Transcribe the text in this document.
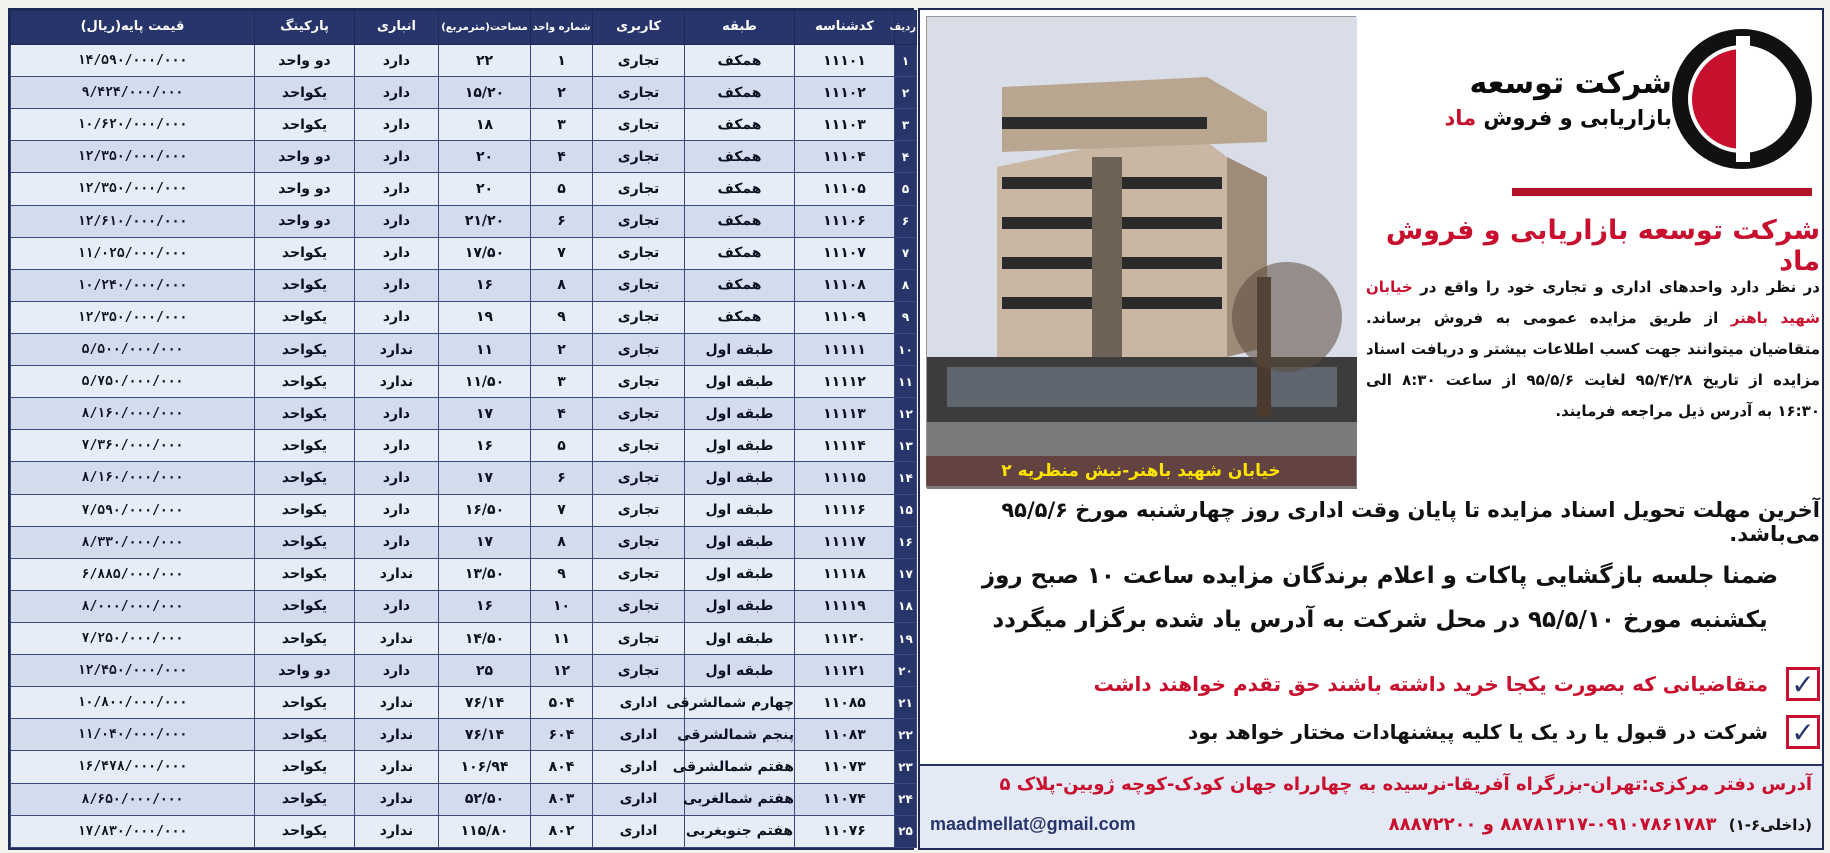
ردیف	کدشناسه	طبقه	کاربری	شماره واحد	مساحت(مترمربع)	انباری	پارکینگ	قیمت پایه(ریال)
۱	۱۱۱۰۱	همکف	تجاری	۱	۲۲	دارد	دو واحد	۱۴/۵۹۰/۰۰۰/۰۰۰
۲	۱۱۱۰۲	همکف	تجاری	۲	۱۵/۲۰	دارد	یکواحد	۹/۴۲۴/۰۰۰/۰۰۰
۳	۱۱۱۰۳	همکف	تجاری	۳	۱۸	دارد	یکواحد	۱۰/۶۲۰/۰۰۰/۰۰۰
۴	۱۱۱۰۴	همکف	تجاری	۴	۲۰	دارد	دو واحد	۱۲/۳۵۰/۰۰۰/۰۰۰
۵	۱۱۱۰۵	همکف	تجاری	۵	۲۰	دارد	دو واحد	۱۲/۳۵۰/۰۰۰/۰۰۰
۶	۱۱۱۰۶	همکف	تجاری	۶	۲۱/۲۰	دارد	دو واحد	۱۲/۶۱۰/۰۰۰/۰۰۰
۷	۱۱۱۰۷	همکف	تجاری	۷	۱۷/۵۰	دارد	یکواحد	۱۱/۰۲۵/۰۰۰/۰۰۰
۸	۱۱۱۰۸	همکف	تجاری	۸	۱۶	دارد	یکواحد	۱۰/۲۴۰/۰۰۰/۰۰۰
۹	۱۱۱۰۹	همکف	تجاری	۹	۱۹	دارد	یکواحد	۱۲/۳۵۰/۰۰۰/۰۰۰
۱۰	۱۱۱۱۱	طبقه اول	تجاری	۲	۱۱	ندارد	یکواحد	۵/۵۰۰/۰۰۰/۰۰۰
۱۱	۱۱۱۱۲	طبقه اول	تجاری	۳	۱۱/۵۰	ندارد	یکواحد	۵/۷۵۰/۰۰۰/۰۰۰
۱۲	۱۱۱۱۳	طبقه اول	تجاری	۴	۱۷	دارد	یکواحد	۸/۱۶۰/۰۰۰/۰۰۰
۱۳	۱۱۱۱۴	طبقه اول	تجاری	۵	۱۶	دارد	یکواحد	۷/۳۶۰/۰۰۰/۰۰۰
۱۴	۱۱۱۱۵	طبقه اول	تجاری	۶	۱۷	دارد	یکواحد	۸/۱۶۰/۰۰۰/۰۰۰
۱۵	۱۱۱۱۶	طبقه اول	تجاری	۷	۱۶/۵۰	دارد	یکواحد	۷/۵۹۰/۰۰۰/۰۰۰
۱۶	۱۱۱۱۷	طبقه اول	تجاری	۸	۱۷	دارد	یکواحد	۸/۳۳۰/۰۰۰/۰۰۰
۱۷	۱۱۱۱۸	طبقه اول	تجاری	۹	۱۳/۵۰	ندارد	یکواحد	۶/۸۸۵/۰۰۰/۰۰۰
۱۸	۱۱۱۱۹	طبقه اول	تجاری	۱۰	۱۶	دارد	یکواحد	۸/۰۰۰/۰۰۰/۰۰۰
۱۹	۱۱۱۲۰	طبقه اول	تجاری	۱۱	۱۴/۵۰	ندارد	یکواحد	۷/۲۵۰/۰۰۰/۰۰۰
۲۰	۱۱۱۲۱	طبقه اول	تجاری	۱۲	۲۵	دارد	دو واحد	۱۲/۴۵۰/۰۰۰/۰۰۰
۲۱	۱۱۰۸۵	چهارم شمالشرقی	اداری	۵۰۴	۷۶/۱۴	ندارد	یکواحد	۱۰/۸۰۰/۰۰۰/۰۰۰
۲۲	۱۱۰۸۳	پنجم شمالشرقی	اداری	۶۰۴	۷۶/۱۴	ندارد	یکواحد	۱۱/۰۴۰/۰۰۰/۰۰۰
۲۳	۱۱۰۷۳	هفتم شمالشرقی	اداری	۸۰۴	۱۰۶/۹۴	ندارد	یکواحد	۱۶/۴۷۸/۰۰۰/۰۰۰
۲۴	۱۱۰۷۴	هفتم شمالغربی	اداری	۸۰۳	۵۲/۵۰	ندارد	یکواحد	۸/۶۵۰/۰۰۰/۰۰۰
۲۵	۱۱۰۷۶	هفتم جنوبغربی	اداری	۸۰۲	۱۱۵/۸۰	ندارد	یکواحد	۱۷/۸۳۰/۰۰۰/۰۰۰
خیابان شهید باهنر-نبش منظریه ۲
شرکت توسعه
بازاریابی و فروش ماد
شرکت توسعه بازاریابی و فروش ماد
در نظر دارد واحدهای اداری و تجاری خود را واقع در خیابان شهید باهنر از طریق مزایده عمومی به فروش برساند. متقاضیان میتوانند جهت کسب اطلاعات بیشتر و دریافت اسناد مزایده از تاریخ ۹۵/۴/۲۸ لغایت ۹۵/۵/۶ از ساعت ۸:۳۰ الی ۱۶:۳۰ به آدرس ذیل مراجعه فرمایند.
آخرین مهلت تحویل اسناد مزایده تا پایان وقت اداری روز چهارشنبه مورخ ۹۵/۵/۶ می‌باشد.
ضمنا جلسه بازگشایی پاکات و اعلام برندگان مزایده ساعت ۱۰ صبح روز یکشنبه مورخ ۹۵/۵/۱۰ در محل شرکت به آدرس یاد شده برگزار میگردد
✓
متقاضیانی که بصورت یکجا خرید داشته باشند حق تقدم خواهند داشت
✓
شرکت در قبول یا رد یک یا کلیه پیشنهادات مختار خواهد بود
آدرس دفتر مرکزی:تهران-بزرگراه آفریقا-نرسیده به چهارراه جهان کودک-کوچه ژوبین-پلاک ۵
(داخلی۶-۱) ۰۹۱۰۷۸۶۱۷۸۳-۸۸۷۸۱۳۱۷ و ۸۸۸۷۲۲۰۰
maadmellat@gmail.com
